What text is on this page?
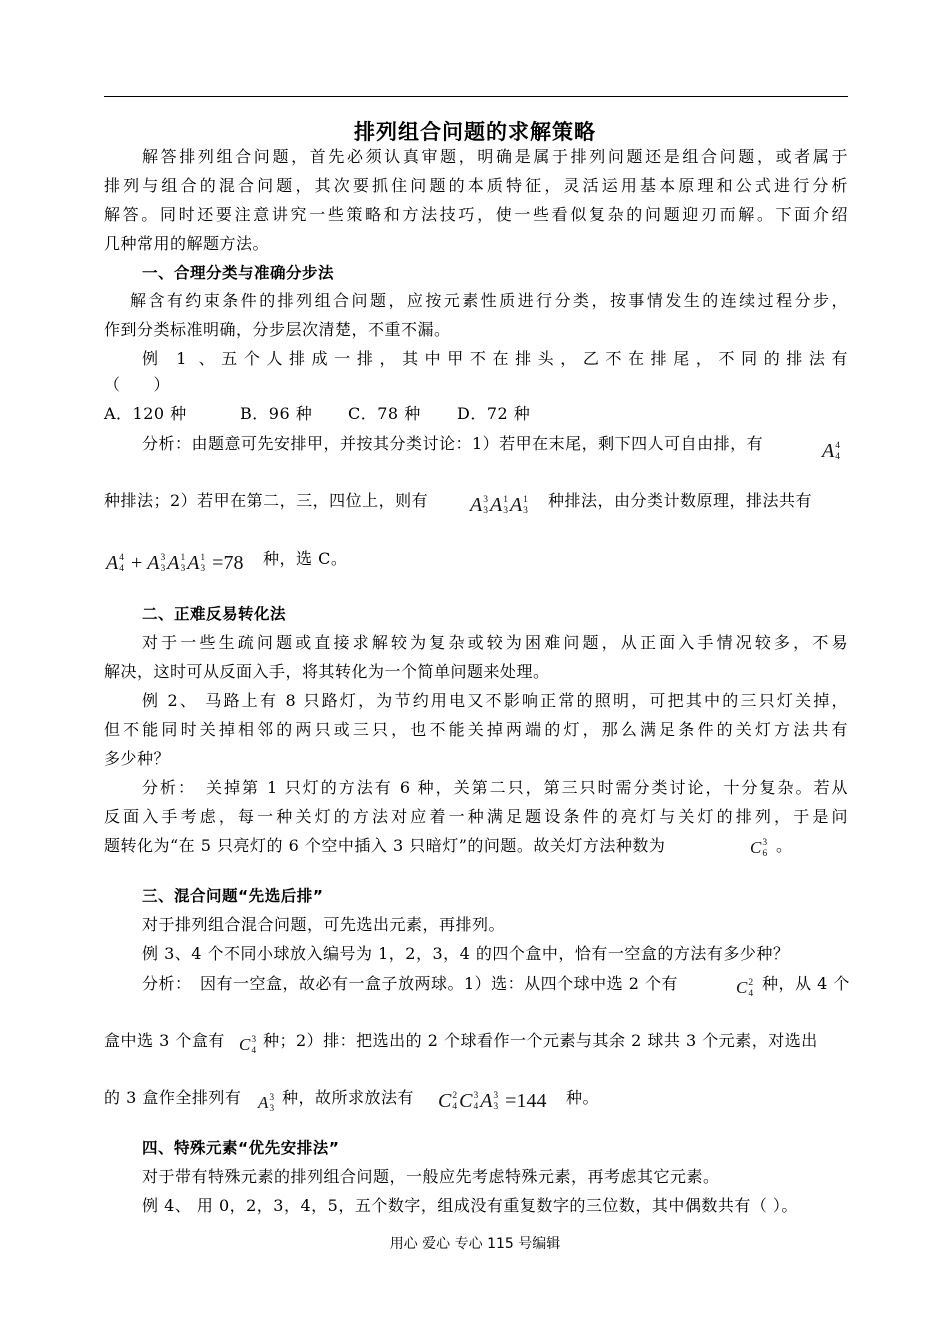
排列组合问题的求解策略
解答排列组合问题，首先必须认真审题，明确是属于排列问题还是组合问题，或者属于
排列与组合的混合问题，其次要抓住问题的本质特征，灵活运用基本原理和公式进行分析
解答。同时还要注意讲究一些策略和方法技巧，使一些看似复杂的问题迎刃而解。下面介绍
几种常用的解题方法。
一、合理分类与准确分步法
解含有约束条件的排列组合问题，应按元素性质进行分类，按事情发生的连续过程分步，
作到分类标准明确，分步层次清楚，不重不漏。
例 1 、五个人排成一排，其中甲不在排头，乙不在排尾，不同的排法有
（　　）
A．120 种	B．96 种 C．78 种 D．72 种
分析：由题意可先安排甲，并按其分类讨论：1）若甲在末尾，剩下四人可自由排，有	A 4
4
种排法；2）若甲在第二，三，四位上，则有 A 3
3 A 1
3 A 1
3
种排法，由分类计数原理，排法共有
A 4
4 + A 3
3 A 1
3 A 1
3 =78 种，选 C。
二、正难反易转化法
对于一些生疏问题或直接求解较为复杂或较为困难问题，从正面入手情况较多，不易
解决，这时可从反面入手，将其转化为一个简单问题来处理。
例 2、 马路上有 8 只路灯，为节约用电又不影响正常的照明，可把其中的三只灯关掉，
但不能同时关掉相邻的两只或三只，也不能关掉两端的灯，那么满足条件的关灯方法共有
多少种？
分析：　关掉第 1 只灯的方法有 6 种，关第二只，第三只时需分类讨论，十分复杂。若从
反面入手考虑，每一种关灯的方法对应着一种满足题设条件的亮灯与关灯的排列，于是问
题转化为“在 5 只亮灯的 6 个空中插入 3 只暗灯”的问题。故关灯方法种数为	C 3
6 。
三、混合问题“先选后排”
对于排列组合混合问题，可先选出元素，再排列。
例 3、4 个不同小球放入编号为 1，2，3，4 的四个盒中，恰有一空盒的方法有多少种？
分析：　因有一空盒，故必有一盒子放两球。1）选：从四个球中选 2 个有	C 2
4
种，从 4 个
盒中选 3 个盒有 C 3
4
种；2）排：把选出的 2 个球看作一个元素与其余 2 球共 3 个元素，对选出
的 3 盒作全排列有 A 3
3
种，故所求放法有 C 2
4 C 3
4 A 3
3 =144 种。
四、特殊元素“优先安排法”
对于带有特殊元素的排列组合问题，一般应先考虑特殊元素，再考虑其它元素。
例 4、 用 0，2，3，4，5，五个数字，组成没有重复数字的三位数，其中偶数共有（ ）。
用心 爱心 专心 115 号编辑
